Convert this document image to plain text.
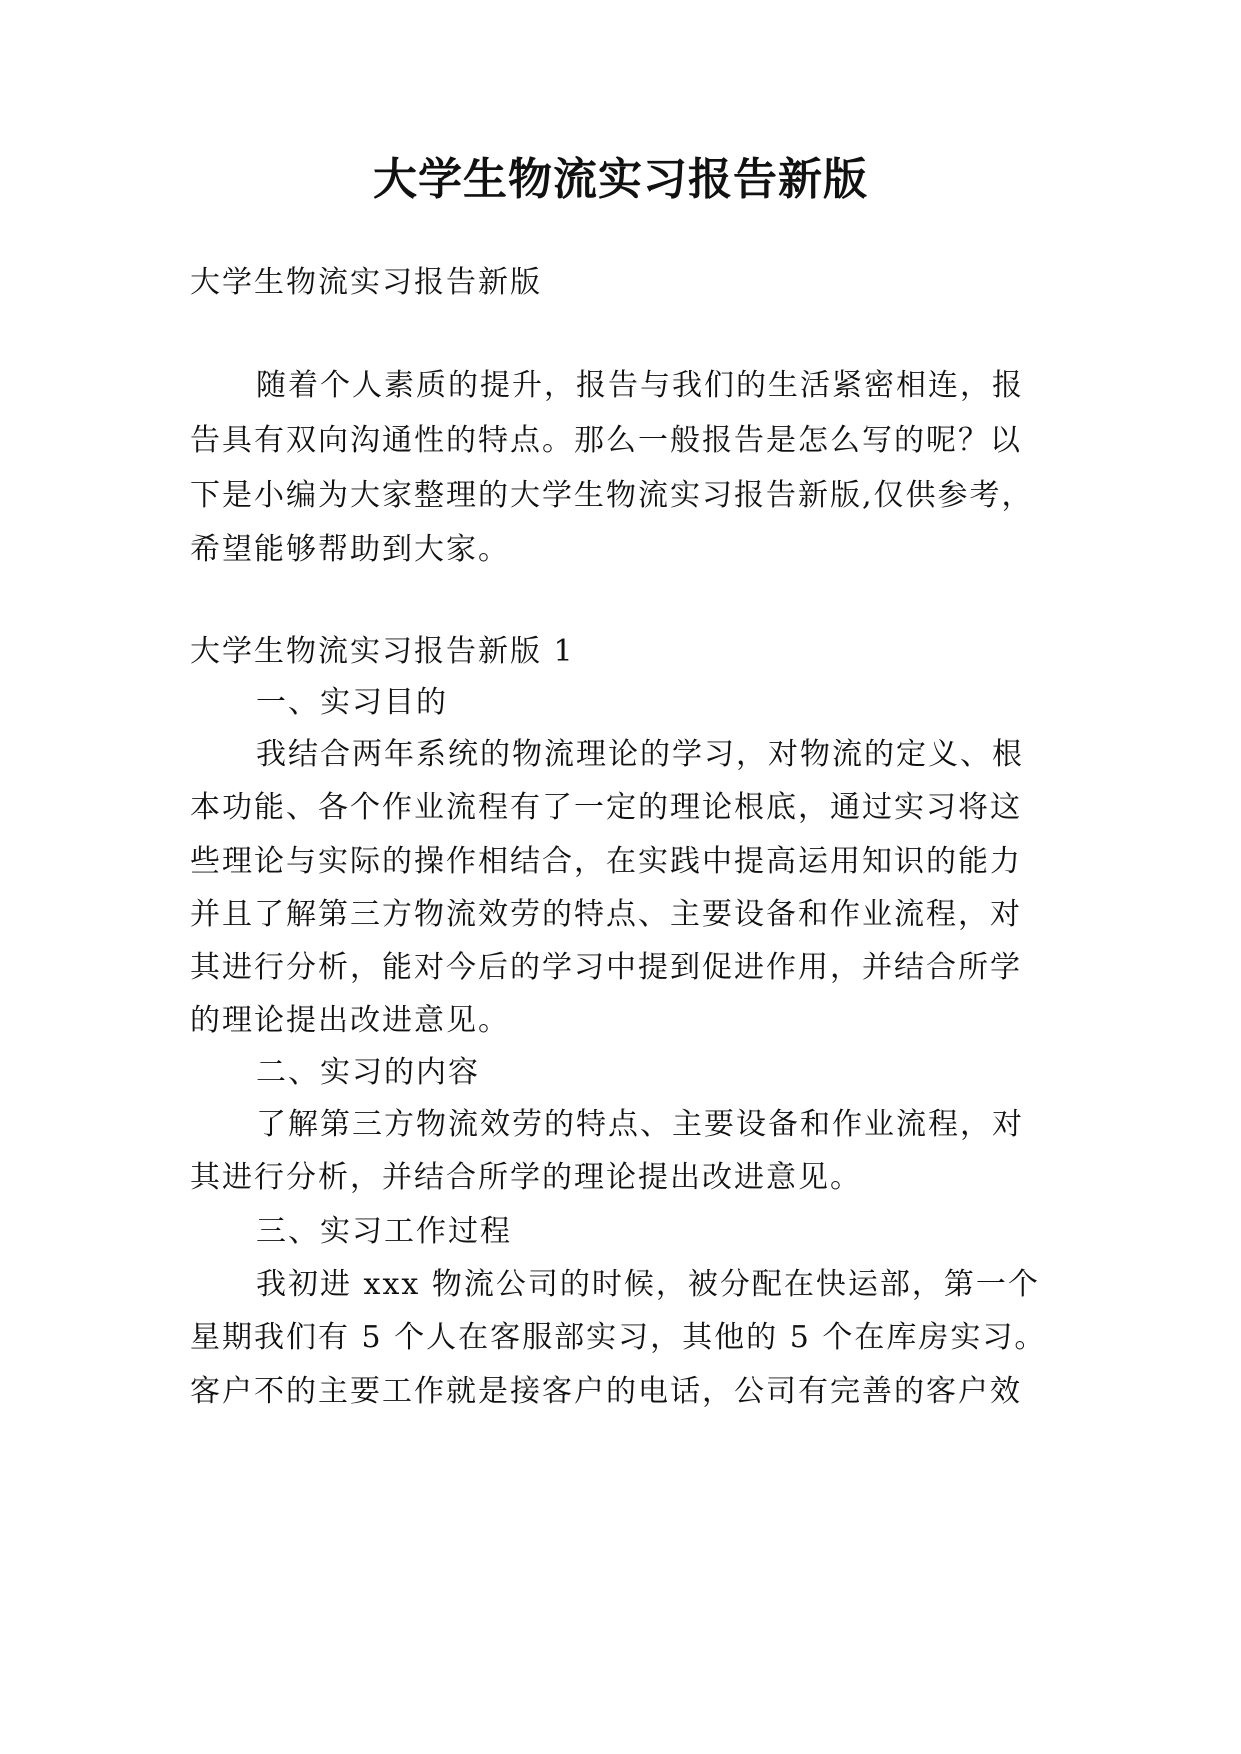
大学生物流实习报告新版
大学生物流实习报告新版
随着个人素质的提升，报告与我们的生活紧密相连，报
告具有双向沟通性的特点。那么一般报告是怎么写的呢？以
下是小编为大家整理的大学生物流实习报告新版,仅供参考，
希望能够帮助到大家。
大学生物流实习报告新版 1
一、实习目的
我结合两年系统的物流理论的学习，对物流的定义、根
本功能、各个作业流程有了一定的理论根底，通过实习将这
些理论与实际的操作相结合，在实践中提高运用知识的能力
并且了解第三方物流效劳的特点、主要设备和作业流程，对
其进行分析，能对今后的学习中提到促进作用，并结合所学
的理论提出改进意见。
二、实习的内容
了解第三方物流效劳的特点、主要设备和作业流程，对
其进行分析，并结合所学的理论提出改进意见。
三、实习工作过程
我初进 xxx 物流公司的时候，被分配在快运部，第一个
星期我们有 5 个人在客服部实习，其他的 5 个在库房实习。
客户不的主要工作就是接客户的电话，公司有完善的客户效
